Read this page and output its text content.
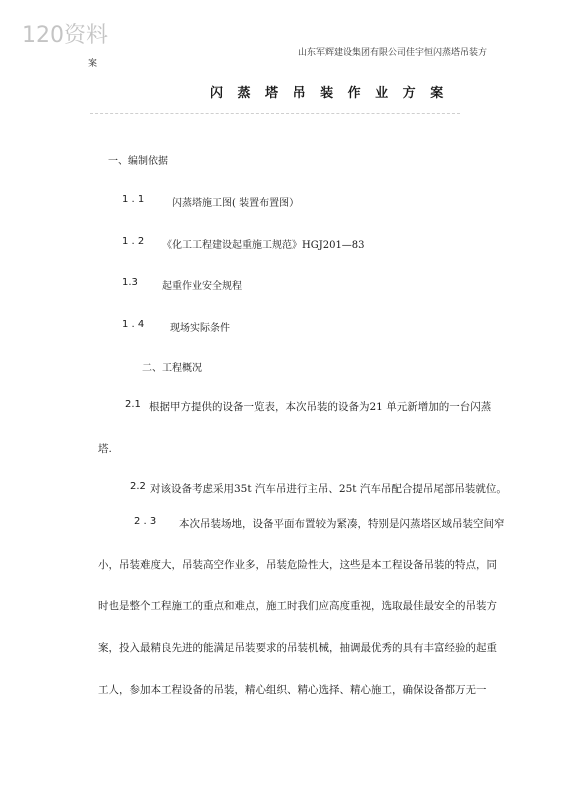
120资料
山东军辉建设集团有限公司佳宇恒闪蒸塔吊装方
案
闪 蒸 塔 吊 装 作 业 方 案
一、编制依据
1 . 1	闪蒸塔施工图( 装置布置图）
1 . 2 《化工工程建设起重施工规范》HGJ201—83
1.3 起重作业安全规程
1 . 4	现场实际条件
二、工程概况
2.1 根据甲方提供的设备一览表，本次吊装的设备为21 单元新增加的一台闪蒸
塔.
2.2 对该设备考虑采用35t 汽车吊进行主吊、25t 汽车吊配合提吊尾部吊装就位。
2 . 3 本次吊装场地，设备平面布置较为紧凑，特别是闪蒸塔区域吊装空间窄
小，吊装难度大，吊装高空作业多，吊装危险性大，这些是本工程设备吊装的特点，同
时也是整个工程施工的重点和难点，施工时我们应高度重视，选取最佳最安全的吊装方
案，投入最精良先进的能满足吊装要求的吊装机械，抽调最优秀的具有丰富经验的起重
工人，参加本工程设备的吊装，精心组织、精心选择、精心施工，确保设备都万无一
